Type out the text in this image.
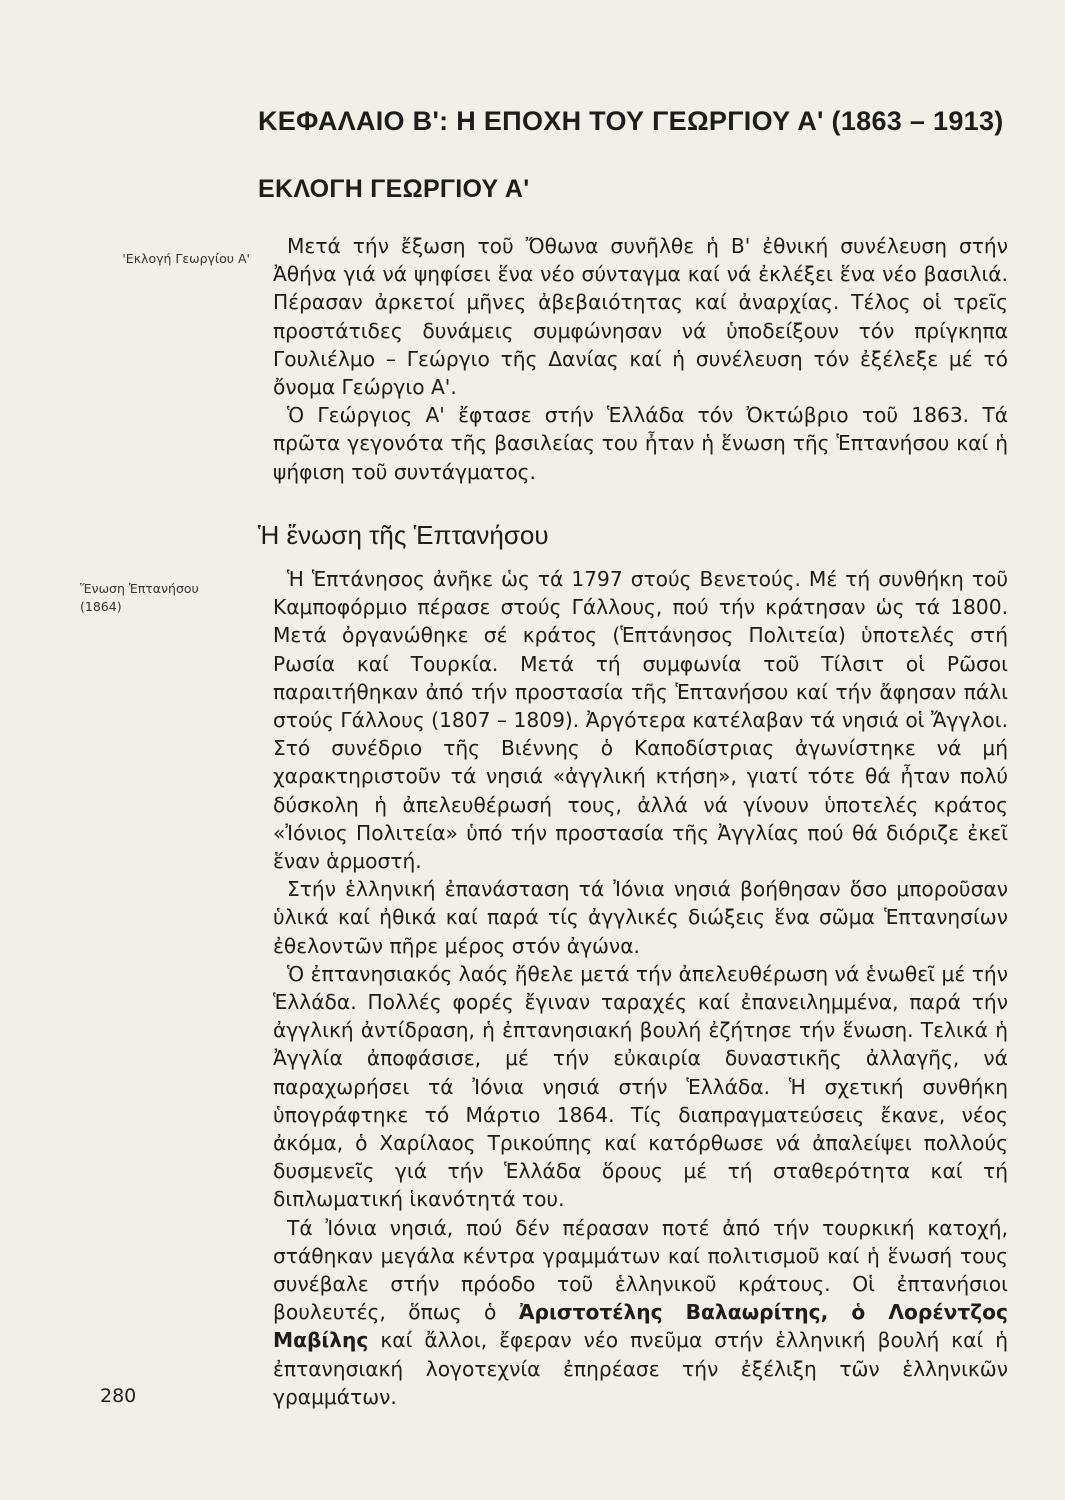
ΚΕΦΑΛΑΙΟ Β': Η ΕΠΟΧΗ ΤΟΥ ΓΕΩΡΓΙΟΥ Α' (1863 – 1913)
ΕΚΛΟΓΗ ΓΕΩΡΓΙΟΥ Α'
'Εκλογή Γεωργίου Α'

Μετά τήν ἔξωση τοῦ Ὄθωνα συνῆλθε ἡ Β' ἐθνική συνέλευση στήν Ἀθήνα γιά νά ψηφίσει ἕνα νέο σύνταγμα καί νά ἐκλέξει ἕνα νέο βασιλιά. Πέρασαν ἀρκετοί μῆνες ἀβεβαιότητας καί ἀναρχίας. Τέλος οἱ τρεῖς προστάτιδες δυνάμεις συμφώνησαν νά ὑποδείξουν τόν πρίγκηπα Γουλιέλμο – Γεώργιο τῆς Δανίας καί ἡ συνέλευση τόν ἐξέλεξε μέ τό ὄνομα Γεώργιο Α'.

Ὁ Γεώργιος Α' ἔφτασε στήν Ἑλλάδα τόν Ὀκτώβριο τοῦ 1863. Τά πρῶτα γεγονότα τῆς βασιλείας του ἦταν ἡ ἕνωση τῆς Ἑπτανήσου καί ἡ ψήφιση τοῦ συντάγματος.

Ἡ ἕνωση τῆς Ἑπτανήσου
Ἕνωση Ἑπτανήσου
(1864)

Ἡ Ἑπτάνησος ἀνῆκε ὡς τά 1797 στούς Βενετούς. Μέ τή συνθήκη τοῦ Καμποφόρμιο πέρασε στούς Γάλλους, πού τήν κράτησαν ὡς τά 1800. Μετά ὀργανώθηκε σέ κράτος (Ἑπτάνησος Πολιτεία) ὑποτελές στή Ρωσία καί Τουρκία. Μετά τή συμφωνία τοῦ Τίλσιτ οἱ Ρῶσοι παραιτήθηκαν ἀπό τήν προστασία τῆς Ἑπτανήσου καί τήν ἄφησαν πάλι στούς Γάλλους (1807 – 1809). Ἀργότερα κατέλαβαν τά νησιά οἱ Ἄγγλοι. Στό συνέδριο τῆς Βιέννης ὁ Καποδίστριας ἀγωνίστηκε νά μή χαρακτηριστοῦν τά νησιά «ἀγγλική κτήση», γιατί τότε θά ἦταν πολύ δύσκολη ἡ ἀπελευθέρωσή τους, ἀλλά νά γίνουν ὑποτελές κράτος «Ἰόνιος Πολιτεία» ὑπό τήν προστασία τῆς Ἀγγλίας πού θά διόριζε ἐκεῖ ἕναν ἁρμοστή.

Στήν ἑλληνική ἐπανάσταση τά Ἰόνια νησιά βοήθησαν ὅσο μποροῦσαν ὑλικά καί ἠθικά καί παρά τίς ἀγγλικές διώξεις ἕνα σῶμα Ἑπτανησίων ἐθελοντῶν πῆρε μέρος στόν ἀγώνα.

Ὁ ἐπτανησιακός λαός ἤθελε μετά τήν ἀπελευθέρωση νά ἑνωθεῖ μέ τήν Ἑλλάδα. Πολλές φορές ἔγιναν ταραχές καί ἐπανειλημμένα, παρά τήν ἀγγλική ἀντίδραση, ἡ ἐπτανησιακή βουλή ἐζήτησε τήν ἕνωση. Τελικά ἡ Ἀγγλία ἀποφάσισε, μέ τήν εὐκαιρία δυναστικῆς ἀλλαγῆς, νά παραχωρήσει τά Ἰόνια νησιά στήν Ἑλλάδα. Ἡ σχετική συνθήκη ὑπογράφτηκε τό Μάρτιο 1864. Τίς διαπραγματεύσεις ἔκανε, νέος ἀκόμα, ὁ Χαρίλαος Τρικούπης καί κατόρθωσε νά ἀπαλείψει πολλούς δυσμενεῖς γιά τήν Ἑλλάδα ὅρους μέ τή σταθερότητα καί τή διπλωματική ἱκανότητά του.

Τά Ἰόνια νησιά, πού δέν πέρασαν ποτέ ἀπό τήν τουρκική κατοχή, στάθηκαν μεγάλα κέντρα γραμμάτων καί πολιτισμοῦ καί ἡ ἕνωσή τους συνέβαλε στήν πρόοδο τοῦ ἑλληνικοῦ κράτους. Οἱ ἐπτανήσιοι βουλευτές, ὅπως ὁ Ἀριστοτέλης Βαλαωρίτης, ὁ Λορέντζος Μαβίλης καί ἄλλοι, ἔφεραν νέο πνεῦμα στήν ἑλληνική βουλή καί ἡ ἐπτανησιακή λογοτεχνία ἐπηρέασε τήν ἐξέλιξη τῶν ἑλληνικῶν γραμμάτων.

280
